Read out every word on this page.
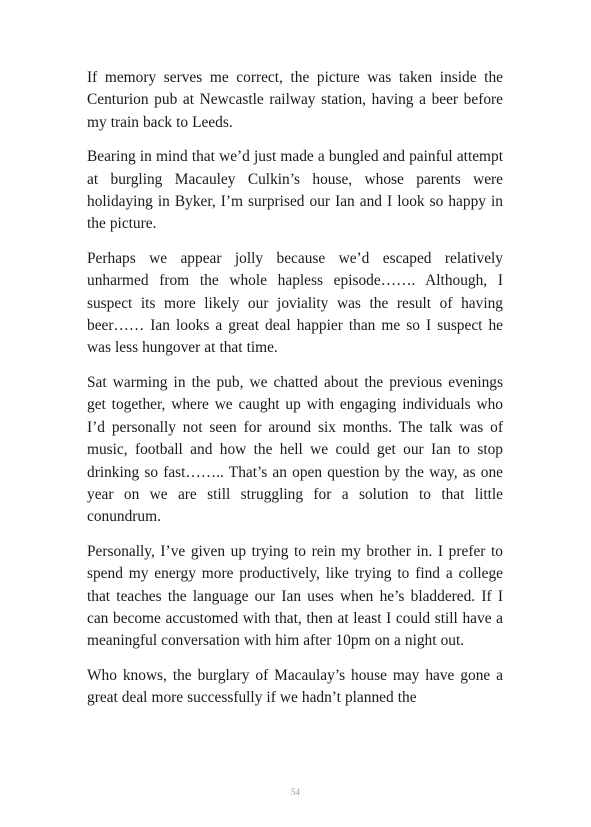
If memory serves me correct, the picture was taken inside the Centurion pub at Newcastle railway station, having a beer before my train back to Leeds.

Bearing in mind that we’d just made a bungled and painful attempt at burgling Macauley Culkin’s house, whose parents were holidaying in Byker, I’m surprised our Ian and I look so happy in the picture.

Perhaps we appear jolly because we’d escaped relatively unharmed from the whole hapless episode……. Although, I suspect its more likely our joviality was the result of having beer…… Ian looks a great deal happier than me so I suspect he was less hungover at that time.

Sat warming in the pub, we chatted about the previous evenings get together, where we caught up with engaging individuals who I’d personally not seen for around six months. The talk was of music, football and how the hell we could get our Ian to stop drinking so fast…….. That’s an open question by the way, as one year on we are still struggling for a solution to that little conundrum.

Personally, I’ve given up trying to rein my brother in. I prefer to spend my energy more productively, like trying to find a college that teaches the language our Ian uses when he’s bladdered. If I can become accustomed with that, then at least I could still have a meaningful conversation with him after 10pm on a night out.

Who knows, the burglary of Macaulay’s house may have gone a great deal more successfully if we hadn’t planned the

54
